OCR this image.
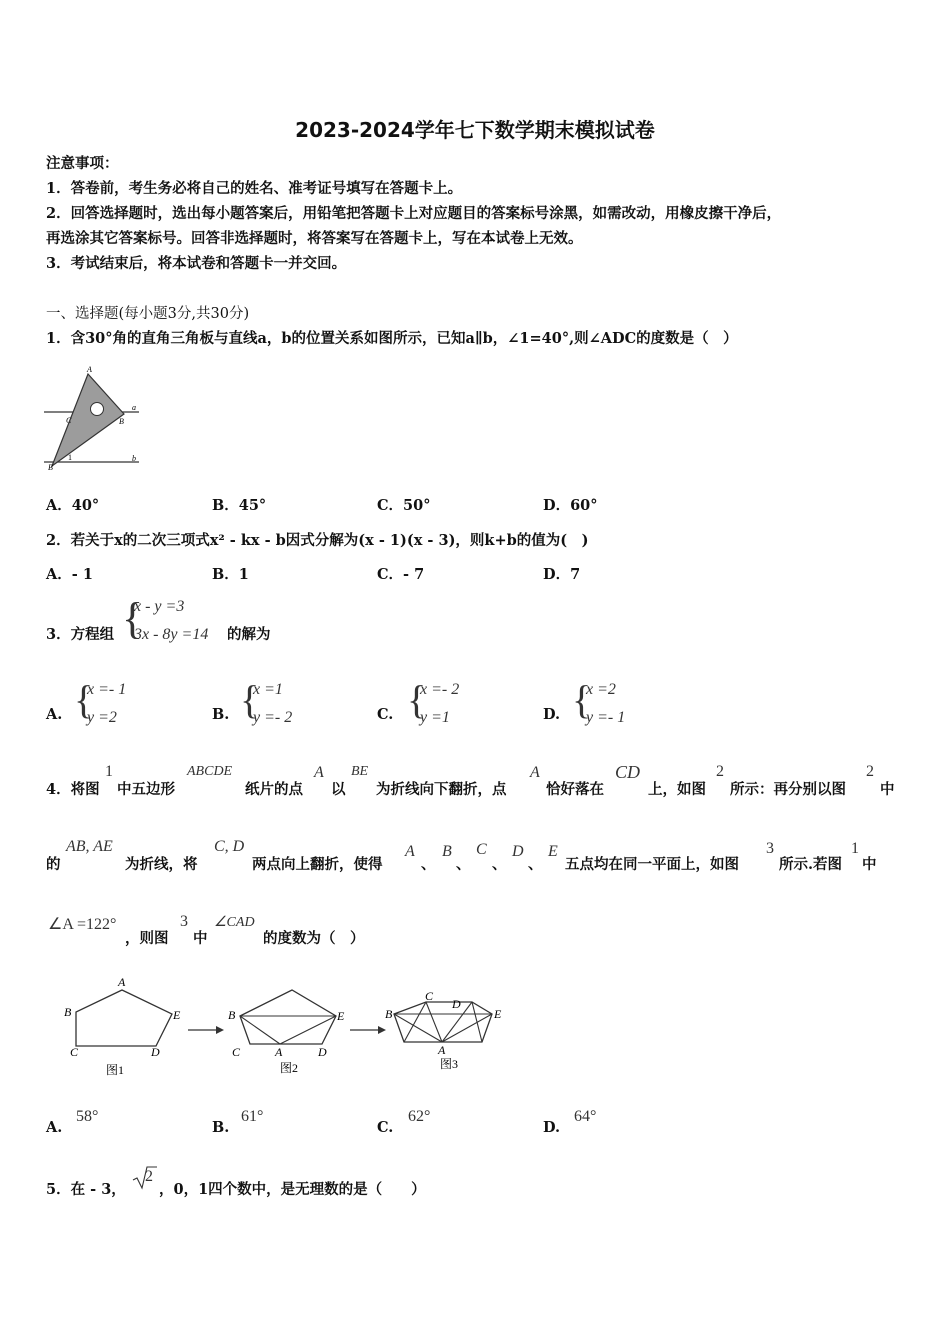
2023-2024学年七下数学期末模拟试卷
注意事项：
1．答卷前，考生务必将自己的姓名、准考证号填写在答题卡上。
2．回答选择题时，选出每小题答案后，用铅笔把答题卡上对应题目的答案标号涂黑，如需改动，用橡皮擦干净后，
再选涂其它答案标号。回答非选择题时，将答案写在答题卡上，写在本试卷上无效。
3．考试结束后，将本试卷和答题卡一并交回。
一、选择题(每小题3分,共30分)
1．含30°角的直角三角板与直线a，b的位置关系如图所示，已知a∥b，∠1=40°,则∠ADC的度数是（　）
A
a
C	B
B
1	b
A．40°	B．45°	C．50°	D．60°
2．若关于x的二次三项式x² - kx - b因式分解为(x - 1)(x - 3)，则k+b的值为(　)
A．- 1	B．1	C．- 7	D．7
3．方程组 {
x - y =3
3x - 8y =14 的解为
A. {
x =- 1
y =2	B. {
x =1
y =- 2	C. {
x =- 2
y =1	D. {
x =2
y =- 1
4．将图
1
中五边形
ABCDE
纸片的点
A
以
BE
为折线向下翻折，点
A
恰好落在
CD
上，如图
2
所示：再分别以图
2
中
的
AB, AE
为折线，将
C, D
两点向上翻折，使得
A
、
B
、
C
、
D
、
E
五点均在同一平面上，如图
3
所示.若图
1
中
∠A =122°
，则图
3
中
∠CAD
的度数为（　）
A
B	E
C	D
图1
B	E
C	A	D
图2
C
D
B	E
A
图3
A.
58°
B.
61°
C.
62°
D.
64°
5．在 - 3，
2
，0，1四个数中，是无理数的是（　　）
